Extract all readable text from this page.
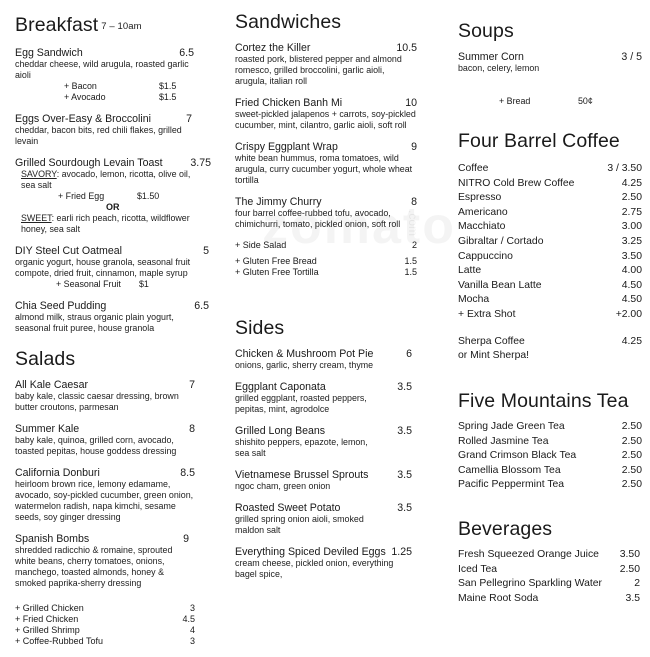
.com
Breakfast 7 – 10am
Egg Sandwich	6.5
cheddar cheese, wild arugula, roasted garlic aioli
+ Bacon	$1.5
+ Avocado	$1.5
Eggs Over-Easy & Broccolini	7
cheddar, bacon bits, red chili flakes, grilled levain
Grilled Sourdough Levain Toast	3.75
SAVORY: avocado, lemon, ricotta, olive oil, sea salt
+ Fried Egg	$1.50
OR
SWEET: earli rich peach, ricotta, wildflower honey, sea salt
DIY Steel Cut Oatmeal	5
organic yogurt, house granola, seasonal fruit compote, dried fruit, cinnamon, maple syrup
+ Seasonal Fruit	$1
Chia Seed Pudding	6.5
almond milk, straus organic plain yogurt, seasonal fruit puree, house granola
Salads
All Kale Caesar	7
baby kale, classic caesar dressing, brown butter croutons, parmesan
Summer Kale	8
baby kale, quinoa, grilled corn, avocado, toasted pepitas, house goddess dressing
California Donburi	8.5
heirloom brown rice, lemony edamame, avocado, soy-pickled cucumber, green onion, watermelon radish, napa kimchi, sesame seeds, soy ginger dressing
Spanish Bombs	9
shredded radicchio & romaine, sprouted white beans, cherry tomatoes, onions, manchego, toasted almonds, honey & smoked paprika-sherry dressing
+ Grilled Chicken	3
+ Fried Chicken	4.5
+ Grilled Shrimp	4
+ Coffee-Rubbed Tofu	3
Sandwiches
Cortez the Killer	10.5
roasted pork, blistered pepper and almond romesco, grilled broccolini, garlic aioli, arugula, italian roll
Fried Chicken Banh Mi	10
sweet-pickled jalapenos + carrots, soy-pickled cucumber, mint, cilantro, garlic aioli, soft roll
Crispy Eggplant Wrap	9
white bean hummus, roma tomatoes, wild arugula, curry cucumber yogurt, whole wheat tortilla
The Jimmy Churry	8
four barrel coffee-rubbed tofu, avocado, chimichurri, tomato, pickled onion, soft roll
+ Side Salad	2
+ Gluten Free Bread	1.5
+ Gluten Free Tortilla	1.5
Sides
Chicken & Mushroom Pot Pie	6
onions, garlic, sherry cream, thyme
Eggplant Caponata	3.5
grilled eggplant, roasted peppers, pepitas, mint, agrodolce
Grilled Long Beans	3.5
shishito peppers, epazote, lemon, sea salt
Vietnamese Brussel Sprouts	3.5
ngoc cham, green onion
Roasted Sweet Potato	3.5
grilled spring onion aioli, smoked maldon salt
Everything Spiced Deviled Eggs 1.25
cream cheese, pickled onion, everything bagel spice,
Soups
Summer Corn	3 / 5
bacon, celery, lemon
+ Bread	50¢
Four Barrel Coffee
Coffee	3 / 3.50
NITRO Cold Brew Coffee	4.25
Espresso	2.50
Americano	2.75
Macchiato	3.00
Gibraltar / Cortado	3.25
Cappuccino	3.50
Latte	4.00
Vanilla Bean Latte	4.50
Mocha	4.50
+ Extra Shot	+2.00
Sherpa Coffee	4.25
or Mint Sherpa!
Five Mountains Tea
Spring Jade Green Tea	2.50
Rolled Jasmine Tea	2.50
Grand Crimson Black Tea	2.50
Camellia Blossom Tea	2.50
Pacific Peppermint Tea	2.50
Beverages
Fresh Squeezed Orange Juice 3.50
Iced Tea	2.50
San Pellegrino Sparkling Water	2
Maine Root Soda	3.5
